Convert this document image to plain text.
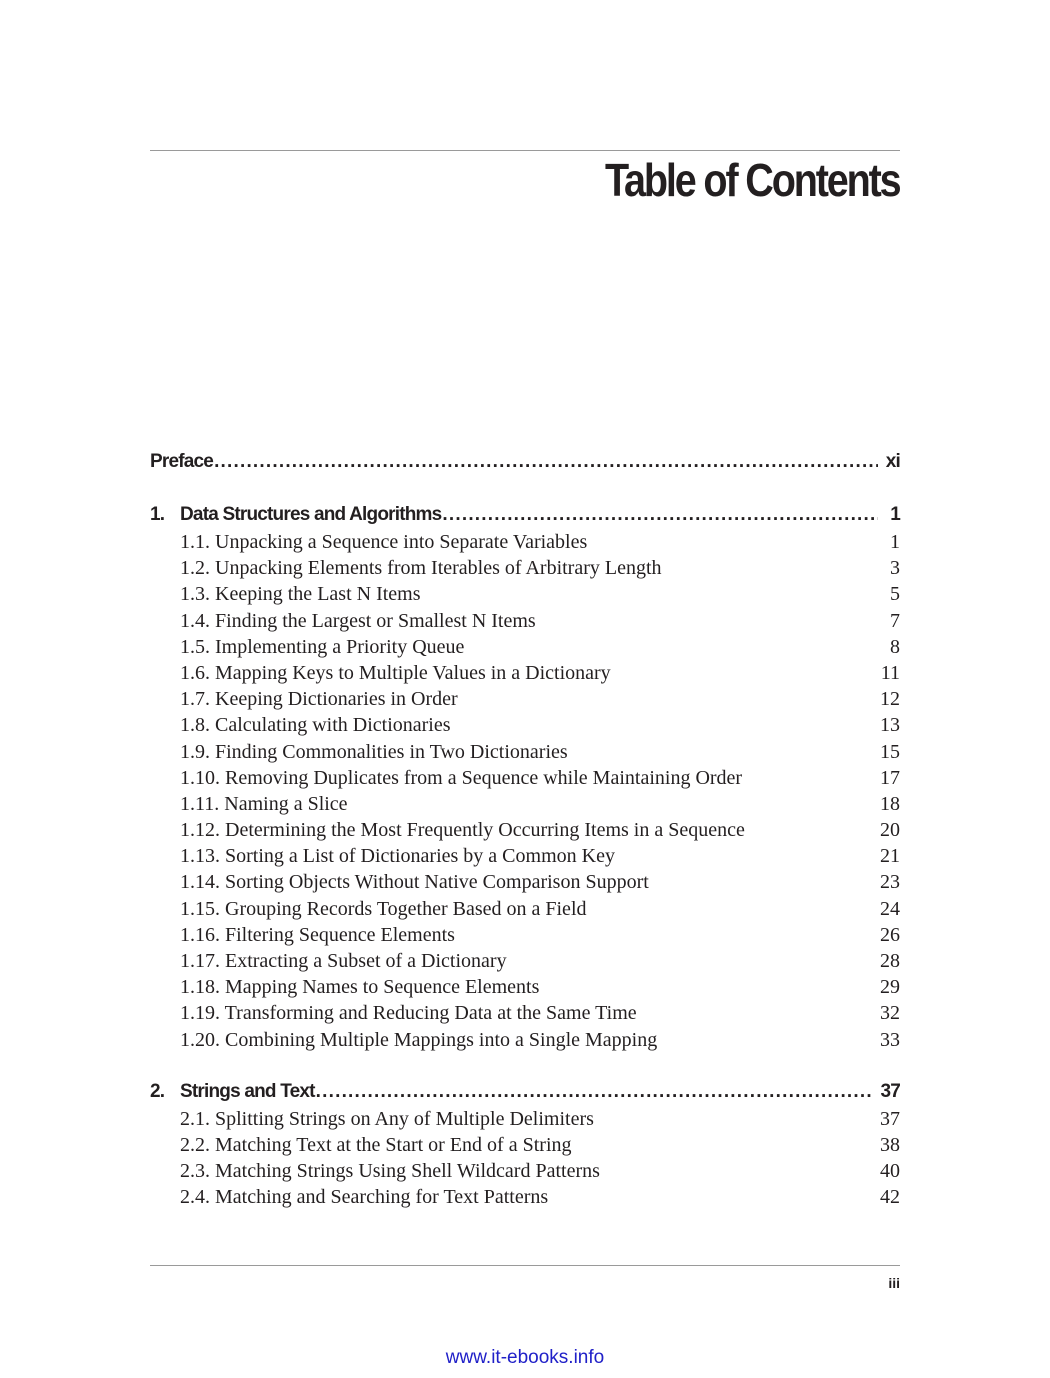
Table of Contents
Preface .....	xi
1. Data Structures and Algorithms .....	1
1.1. Unpacking a Sequence into Separate Variables	1
1.2. Unpacking Elements from Iterables of Arbitrary Length	3
1.3. Keeping the Last N Items	5
1.4. Finding the Largest or Smallest N Items	7
1.5. Implementing a Priority Queue	8
1.6. Mapping Keys to Multiple Values in a Dictionary	11
1.7. Keeping Dictionaries in Order	12
1.8. Calculating with Dictionaries	13
1.9. Finding Commonalities in Two Dictionaries	15
1.10. Removing Duplicates from a Sequence while Maintaining Order	17
1.11. Naming a Slice	18
1.12. Determining the Most Frequently Occurring Items in a Sequence	20
1.13. Sorting a List of Dictionaries by a Common Key	21
1.14. Sorting Objects Without Native Comparison Support	23
1.15. Grouping Records Together Based on a Field	24
1.16. Filtering Sequence Elements	26
1.17. Extracting a Subset of a Dictionary	28
1.18. Mapping Names to Sequence Elements	29
1.19. Transforming and Reducing Data at the Same Time	32
1.20. Combining Multiple Mappings into a Single Mapping	33
2. Strings and Text .....	37
2.1. Splitting Strings on Any of Multiple Delimiters	37
2.2. Matching Text at the Start or End of a String	38
2.3. Matching Strings Using Shell Wildcard Patterns	40
2.4. Matching and Searching for Text Patterns	42
iii
www.it-ebooks.info
